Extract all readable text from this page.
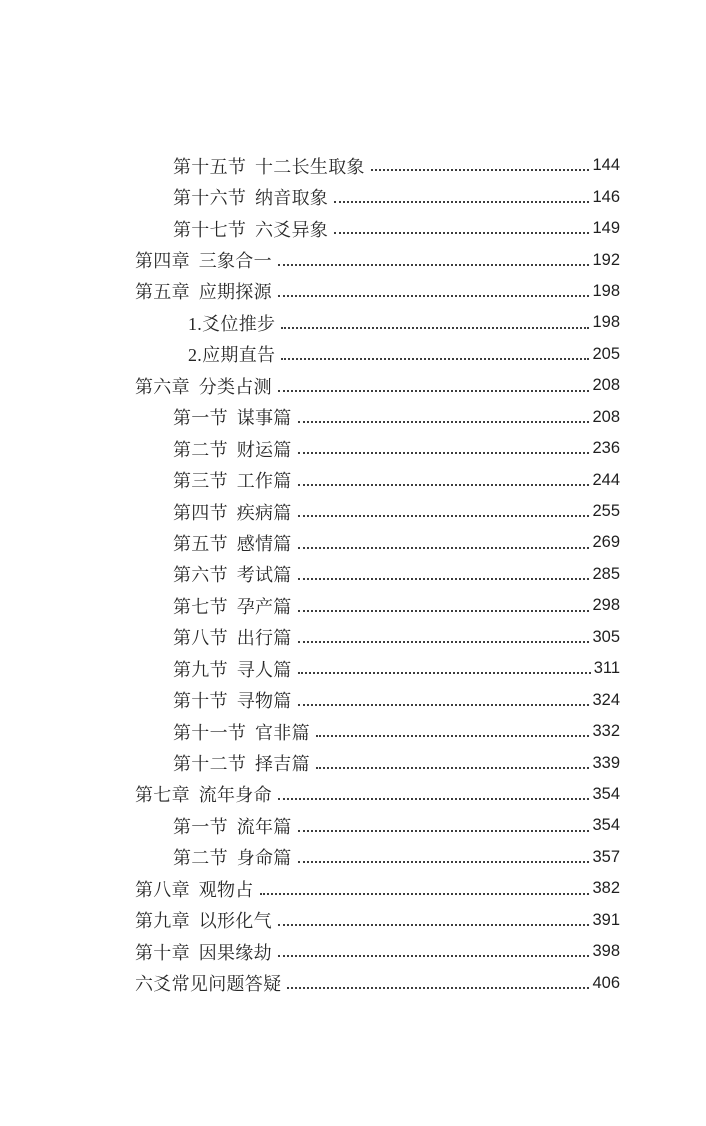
第十五节 十二长生取象	144
第十六节 纳音取象	146
第十七节 六爻异象	149
第四章 三象合一	192
第五章 应期探源	198
1.爻位推步	198
2.应期直告	205
第六章 分类占测	208
第一节 谋事篇	208
第二节 财运篇	236
第三节 工作篇	244
第四节 疾病篇	255
第五节 感情篇	269
第六节 考试篇	285
第七节 孕产篇	298
第八节 出行篇	305
第九节 寻人篇	311
第十节 寻物篇	324
第十一节 官非篇	332
第十二节 择吉篇	339
第七章 流年身命	354
第一节 流年篇	354
第二节 身命篇	357
第八章 观物占	382
第九章 以形化气	391
第十章 因果缘劫	398
六爻常见问题答疑	406
